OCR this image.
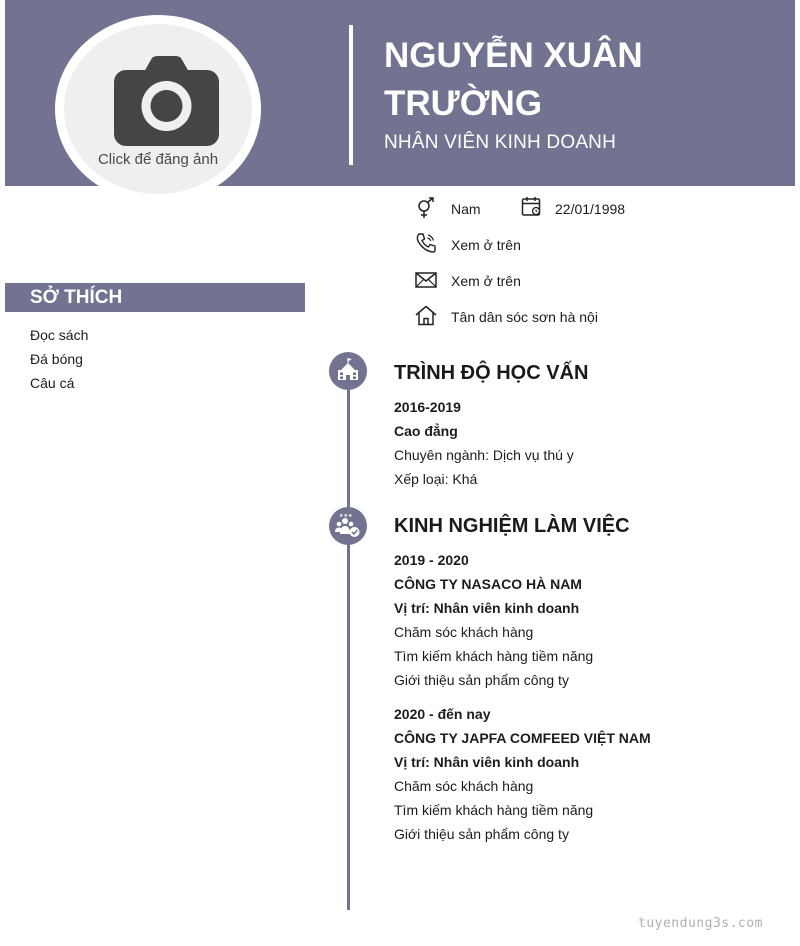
Click để đăng ảnh
NGUYỄN XUÂN TRƯỜNG
NHÂN VIÊN KINH DOANH
Nam	22/01/1998
Xem ở trên
Xem ở trên
Tân dân sóc sơn hà nội
SỞ THÍCH
Đọc sách
Đá bóng
Câu cá	TRÌNH ĐỘ HỌC VẤN
2016-2019
Cao đẳng
Chuyên ngành: Dịch vụ thú y
Xếp loại: Khá
★★★ KINH NGHIỆM LÀM VIỆC
2019 - 2020
CÔNG TY NASACO HÀ NAM
Vị trí: Nhân viên kinh doanh
Chăm sóc khách hàng
Tìm kiếm khách hàng tiềm năng
Giới thiệu sản phẩm công ty
2020 - đến nay
CÔNG TY JAPFA COMFEED VIỆT NAM
Vị trí: Nhân viên kinh doanh
Chăm sóc khách hàng
Tìm kiếm khách hàng tiềm năng
Giới thiệu sản phẩm công ty
tuyendung3s.com
